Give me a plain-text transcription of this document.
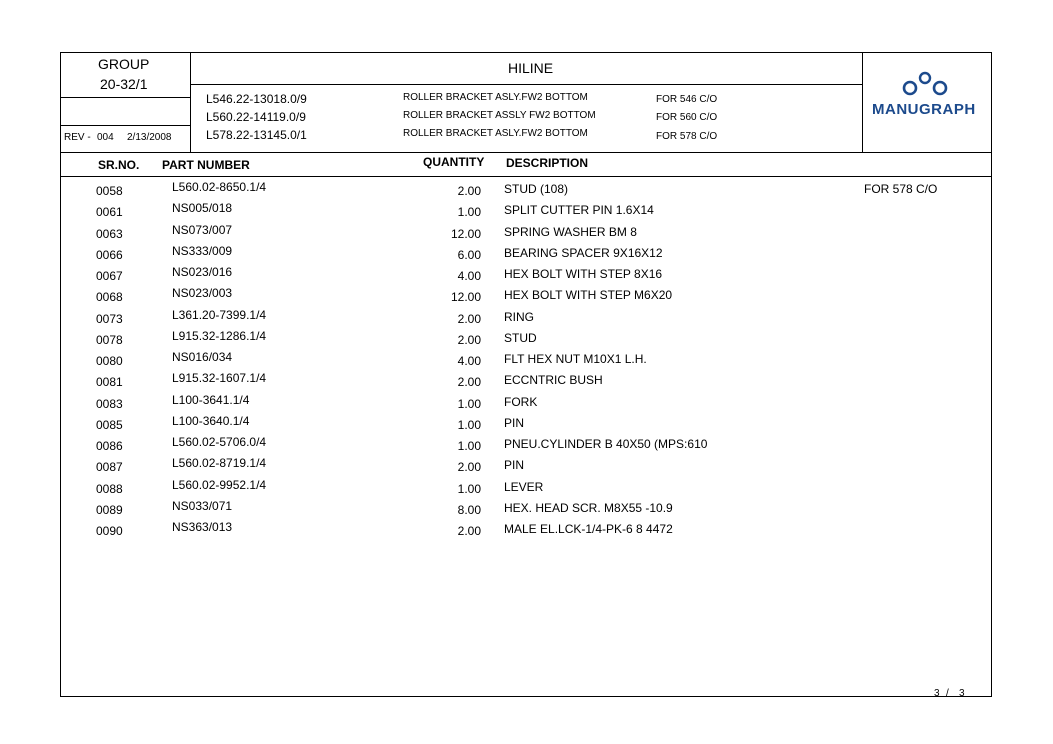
GROUP
20-32/1
REV - 004 2/13/2008
HILINE
L546.22-13018.0/9	ROLLER BRACKET ASLY.FW2 BOTTOM	FOR 546 C/O
L560.22-14119.0/9	ROLLER BRACKET ASSLY FW2 BOTTOM	FOR 560 C/O
L578.22-13145.0/1	ROLLER BRACKET ASLY.FW2 BOTTOM	FOR 578 C/O
MANUGRAPH
SR.NO. PART NUMBER	QUANTITY DESCRIPTION
0058	L560.02-8650.1/4	2.00 STUD (108)	FOR 578 C/O
0061	NS005/018	1.00 SPLIT CUTTER PIN 1.6X14
0063	NS073/007	12.00 SPRING WASHER BM 8
0066	NS333/009	6.00 BEARING SPACER 9X16X12
0067	NS023/016	4.00 HEX BOLT WITH STEP 8X16
0068	NS023/003	12.00 HEX BOLT WITH STEP M6X20
0073	L361.20-7399.1/4	2.00 RING
0078	L915.32-1286.1/4	2.00 STUD
0080	NS016/034	4.00 FLT HEX NUT M10X1 L.H.
0081	L915.32-1607.1/4	2.00 ECCNTRIC BUSH
0083	L100-3641.1/4	1.00 FORK
0085	L100-3640.1/4	1.00 PIN
0086	L560.02-5706.0/4	1.00 PNEU.CYLINDER B 40X50 (MPS:610
0087	L560.02-8719.1/4	2.00 PIN
0088	L560.02-9952.1/4	1.00 LEVER
0089	NS033/071	8.00 HEX. HEAD SCR. M8X55 -10.9
0090	NS363/013	2.00 MALE EL.LCK-1/4-PK-6 8 4472
3 / 3
